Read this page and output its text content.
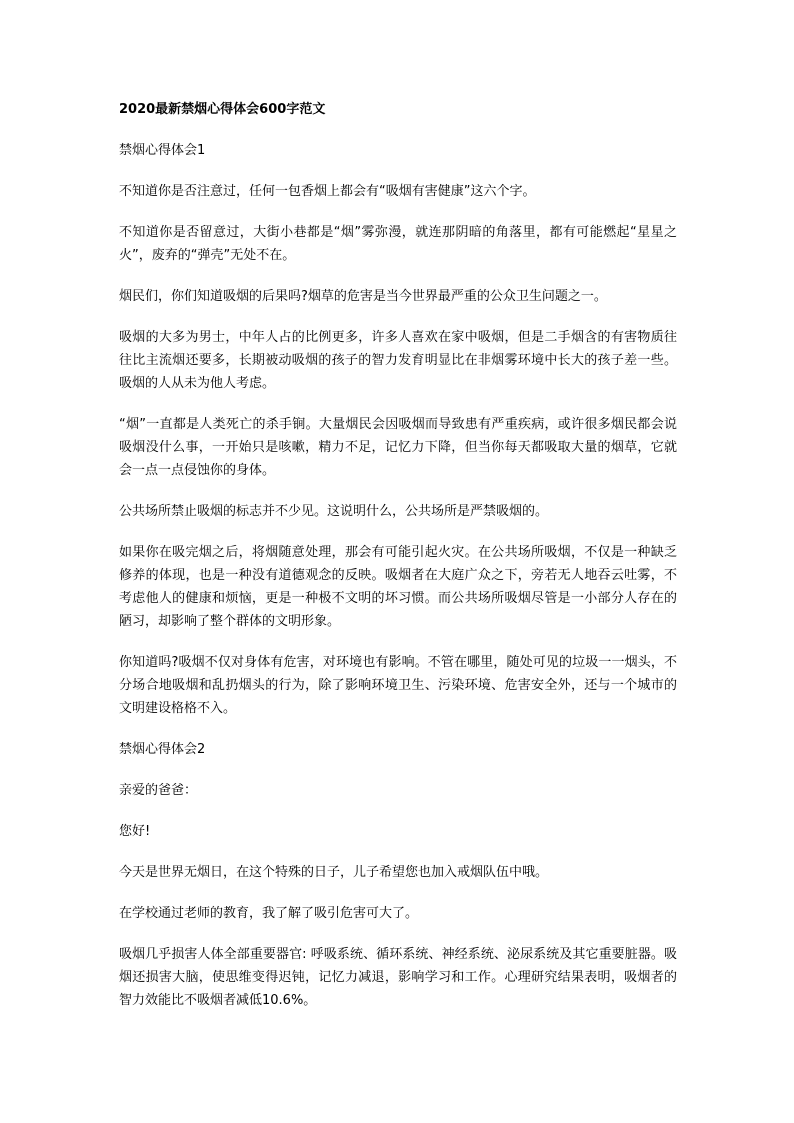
2020最新禁烟心得体会600字范文

禁烟心得体会1

不知道你是否注意过，任何一包香烟上都会有“吸烟有害健康”这六个字。

不知道你是否留意过，大街小巷都是“烟”雾弥漫，就连那阴暗的角落里，都有可能燃起“星星之火”，废弃的“弹壳”无处不在。

烟民们，你们知道吸烟的后果吗?烟草的危害是当今世界最严重的公众卫生问题之一。

吸烟的大多为男士，中年人占的比例更多，许多人喜欢在家中吸烟，但是二手烟含的有害物质往往比主流烟还要多，长期被动吸烟的孩子的智力发育明显比在非烟雾环境中长大的孩子差一些。吸烟的人从未为他人考虑。

“烟”一直都是人类死亡的杀手锏。大量烟民会因吸烟而导致患有严重疾病，或许很多烟民都会说吸烟没什么事，一开始只是咳嗽，精力不足，记忆力下降，但当你每天都吸取大量的烟草，它就会一点一点侵蚀你的身体。

公共场所禁止吸烟的标志并不少见。这说明什么，公共场所是严禁吸烟的。

如果你在吸完烟之后，将烟随意处理，那会有可能引起火灾。在公共场所吸烟，不仅是一种缺乏修养的体现，也是一种没有道德观念的反映。吸烟者在大庭广众之下，旁若无人地吞云吐雾，不考虑他人的健康和烦恼，更是一种极不文明的坏习惯。而公共场所吸烟尽管是一小部分人存在的陋习，却影响了整个群体的文明形象。

你知道吗?吸烟不仅对身体有危害，对环境也有影响。不管在哪里，随处可见的垃圾一一烟头，不分场合地吸烟和乱扔烟头的行为，除了影响环境卫生、污染环境、危害安全外，还与一个城市的文明建设格格不入。

禁烟心得体会2

亲爱的爸爸：

您好!

今天是世界无烟日，在这个特殊的日子，儿子希望您也加入戒烟队伍中哦。

在学校通过老师的教育，我了解了吸引危害可大了。

吸烟几乎损害人体全部重要器官: 呼吸系统、循环系统、神经系统、泌尿系统及其它重要脏器。吸烟还损害大脑，使思维变得迟钝，记忆力减退，影响学习和工作。心理研究结果表明，吸烟者的智力效能比不吸烟者减低10.6%。
